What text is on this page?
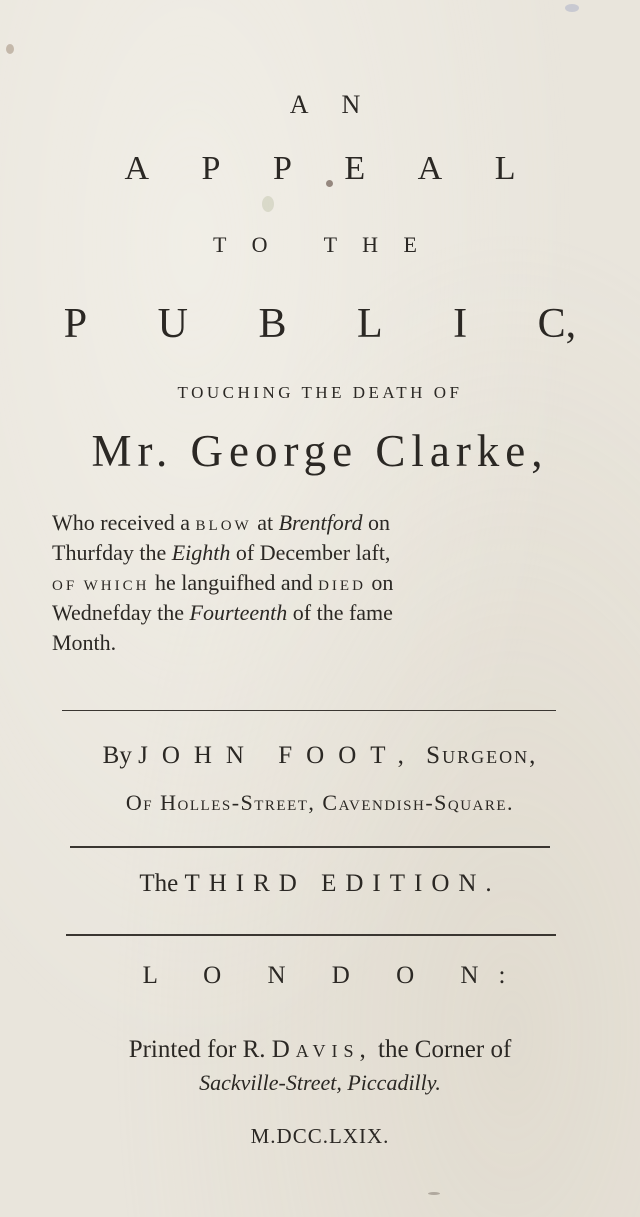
A N
A P P E A L
T O   T H E
P U B L I C,
TOUCHING THE DEATH OF
Mr. George Clarke,
Who received a BLOW at Brentford on
Thurfday the Eighth of December laft,
OF WHICH he languifhed and DIED on
Wednefday the Fourteenth of the fame
Month.
By JOHN FOOT, Surgeon,
Of Holles-Street, Cavendish-Square.
The THIRD EDITION.
L O N D O N:
Printed for R. Davis, the Corner of
Sackville-Street, Piccadilly.
M.DCC.LXIX.
